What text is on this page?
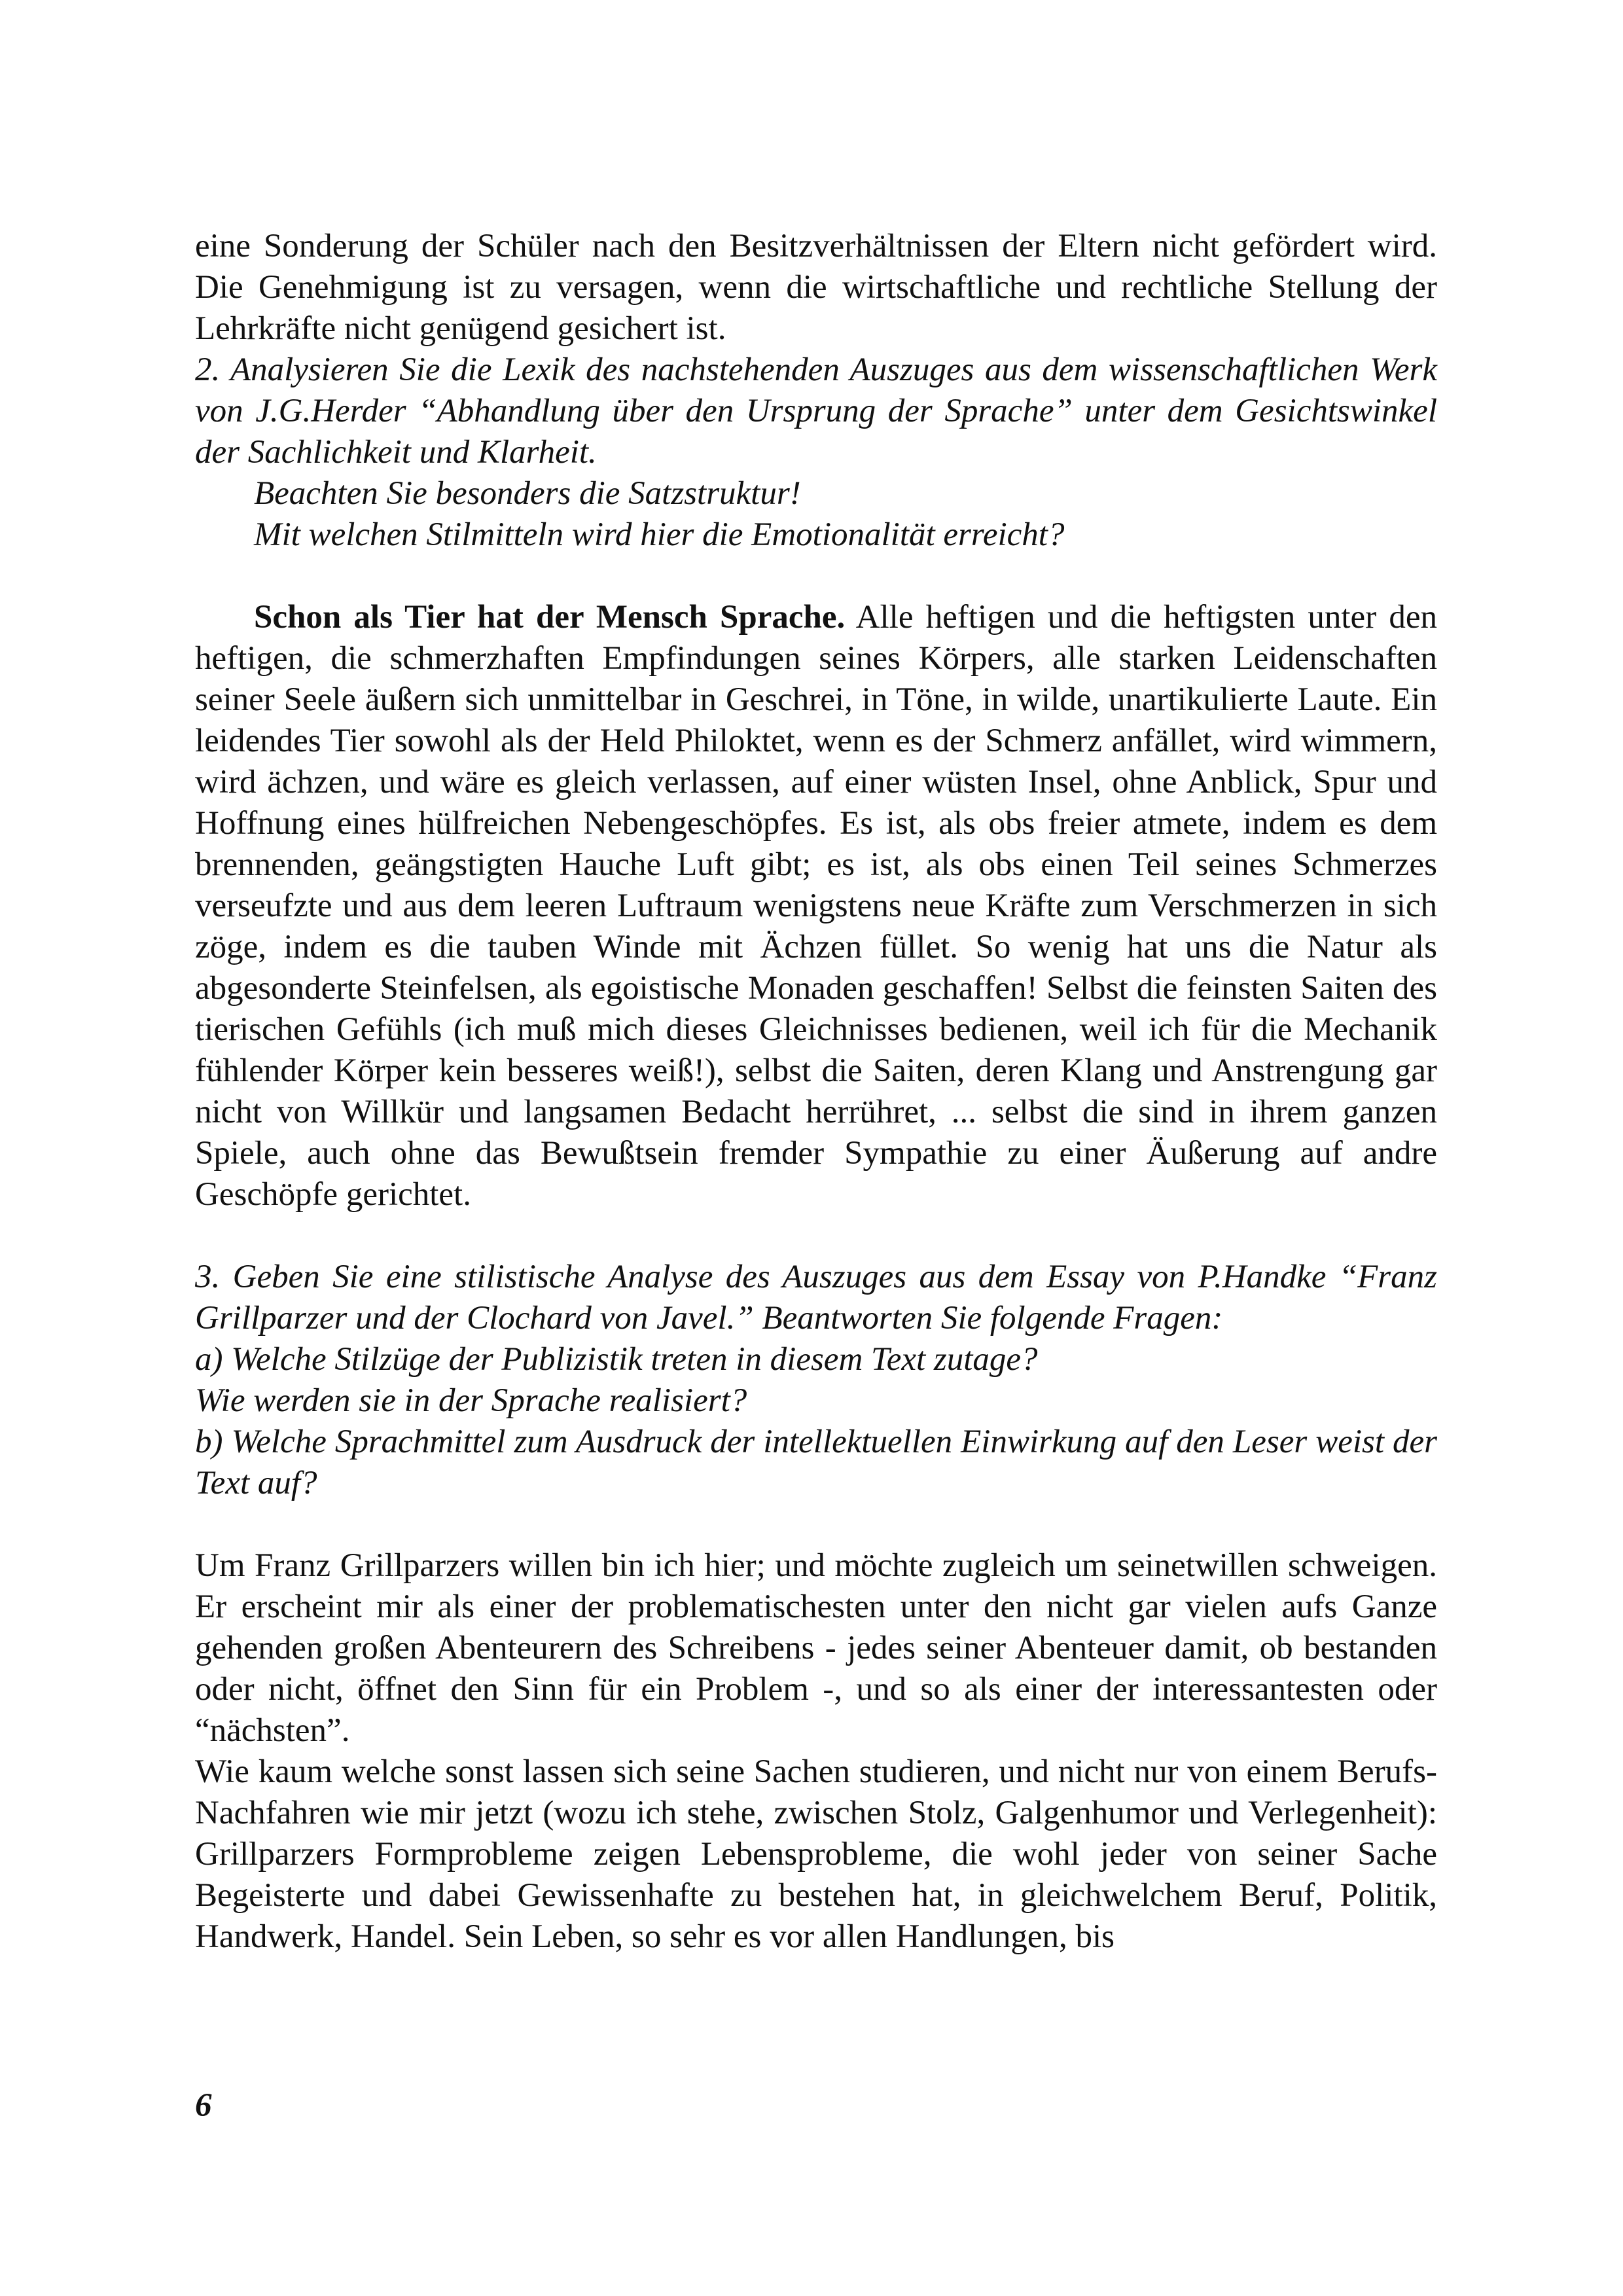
eine Sonderung der Schüler nach den Besitzverhältnissen der Eltern nicht gefördert wird. Die Genehmigung ist zu versagen, wenn die wirtschaftliche und rechtliche Stellung der Lehrkräfte nicht genügend gesichert ist.

2. Analysieren Sie die Lexik des nachstehenden Auszuges aus dem wissenschaftlichen Werk von J.G.Herder “Abhandlung über den Ursprung der Sprache” unter dem Gesichtswinkel der Sachlichkeit und Klarheit.

Beachten Sie besonders die Satzstruktur!

Mit welchen Stilmitteln wird hier die Emotionalität erreicht?

Schon als Tier hat der Mensch Sprache. Alle heftigen und die heftigsten unter den heftigen, die schmerzhaften Empfindungen seines Körpers, alle starken Leidenschaften seiner Seele äußern sich unmittelbar in Geschrei, in Töne, in wilde, unartikulierte Laute. Ein leidendes Tier sowohl als der Held Philoktet, wenn es der Schmerz anfället, wird wimmern, wird ächzen, und wäre es gleich verlassen, auf einer wüsten Insel, ohne Anblick, Spur und Hoffnung eines hülfreichen Nebengeschöpfes. Es ist, als obs freier atmete, indem es dem brennenden, geängstigten Hauche Luft gibt; es ist, als obs einen Teil seines Schmerzes verseufzte und aus dem leeren Luftraum wenigstens neue Kräfte zum Verschmerzen in sich zöge, indem es die tauben Winde mit Ächzen füllet. So wenig hat uns die Natur als abgesonderte Steinfelsen, als egoistische Monaden geschaffen! Selbst die feinsten Saiten des tierischen Gefühls (ich muß mich dieses Gleichnisses bedienen, weil ich für die Mechanik fühlender Körper kein besseres weiß!), selbst die Saiten, deren Klang und Anstrengung gar nicht von Willkür und langsamen Bedacht herrühret, ... selbst die sind in ihrem ganzen Spiele, auch ohne das Bewußtsein fremder Sympathie zu einer Äußerung auf andre Geschöpfe gerichtet.

3. Geben Sie eine stilistische Analyse des Auszuges aus dem Essay von P.Handke “Franz Grillparzer und der Clochard von Javel.” Beantworten Sie folgende Fragen:

a) Welche Stilzüge der Publizistik treten in diesem Text zutage?

Wie werden sie in der Sprache realisiert?

b) Welche Sprachmittel zum Ausdruck der intellektuellen Einwirkung auf den Leser weist der Text auf?

Um Franz Grillparzers willen bin ich hier; und möchte zugleich um seinetwillen schweigen. Er erscheint mir als einer der problematischesten unter den nicht gar vielen aufs Ganze gehenden großen Abenteurern des Schreibens - jedes seiner Abenteuer damit, ob bestanden oder nicht, öffnet den Sinn für ein Problem -, und so als einer der interessantesten oder “nächsten”.

Wie kaum welche sonst lassen sich seine Sachen studieren, und nicht nur von einem Berufs-Nachfahren wie mir jetzt (wozu ich stehe, zwischen Stolz, Galgenhumor und Verlegenheit): Grillparzers Formprobleme zeigen Lebensprobleme, die wohl jeder von seiner Sache Begeisterte und dabei Gewissenhafte zu bestehen hat, in gleichwelchem Beruf, Politik, Handwerk, Handel. Sein Leben, so sehr es vor allen Handlungen, bis

6
